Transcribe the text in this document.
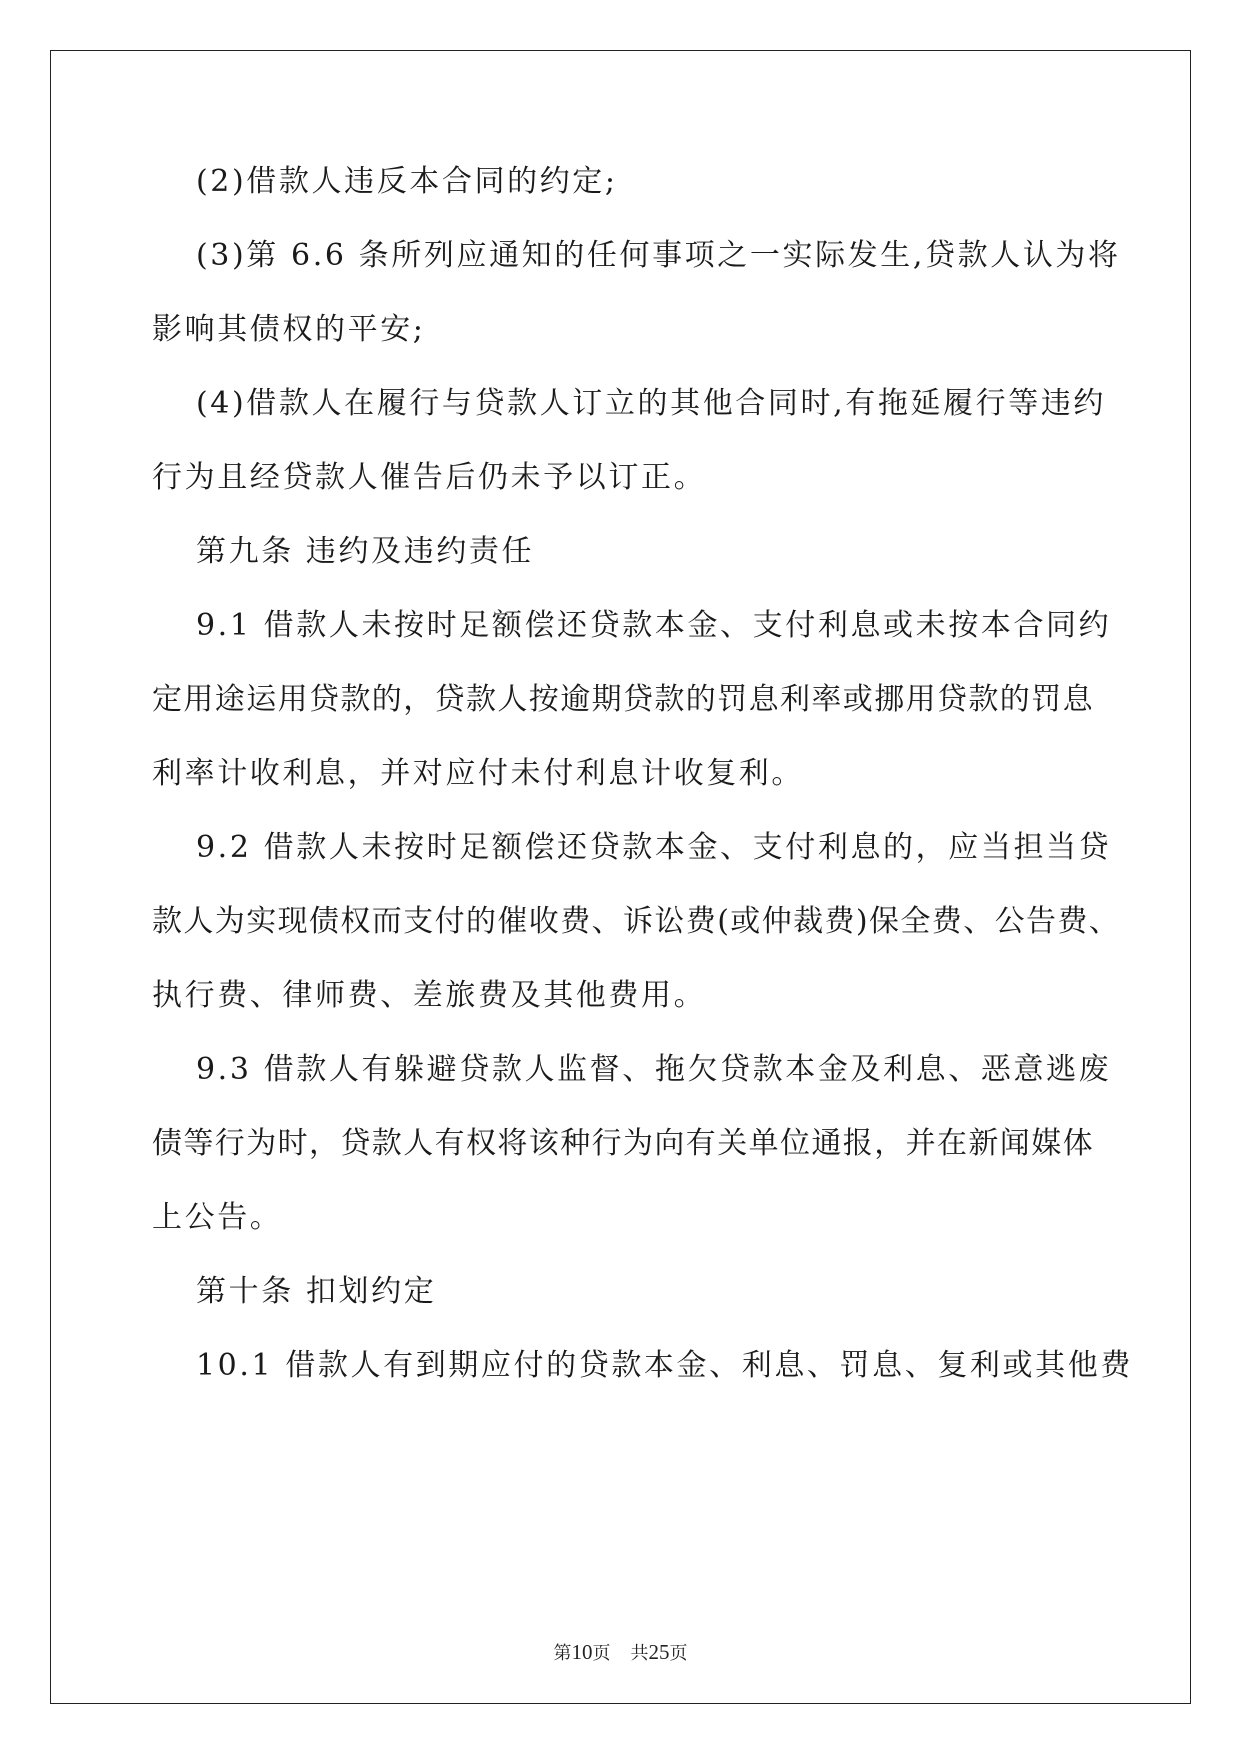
(2)借款人违反本合同的约定;
(3)第 6.6 条所列应通知的任何事项之一实际发生,贷款人认为将
影响其债权的平安;
(4)借款人在履行与贷款人订立的其他合同时,有拖延履行等违约
行为且经贷款人催告后仍未予以订正。
第九条 违约及违约责任
9.1 借款人未按时足额偿还贷款本金、支付利息或未按本合同约
定用途运用贷款的，贷款人按逾期贷款的罚息利率或挪用贷款的罚息
利率计收利息，并对应付未付利息计收复利。
9.2 借款人未按时足额偿还贷款本金、支付利息的，应当担当贷
款人为实现债权而支付的催收费、诉讼费(或仲裁费)保全费、公告费、
执行费、律师费、差旅费及其他费用。
9.3 借款人有躲避贷款人监督、拖欠贷款本金及利息、恶意逃废
债等行为时，贷款人有权将该种行为向有关单位通报，并在新闻媒体
上公告。
第十条 扣划约定
10.1 借款人有到期应付的贷款本金、利息、罚息、复利或其他费
第10页 共25页
